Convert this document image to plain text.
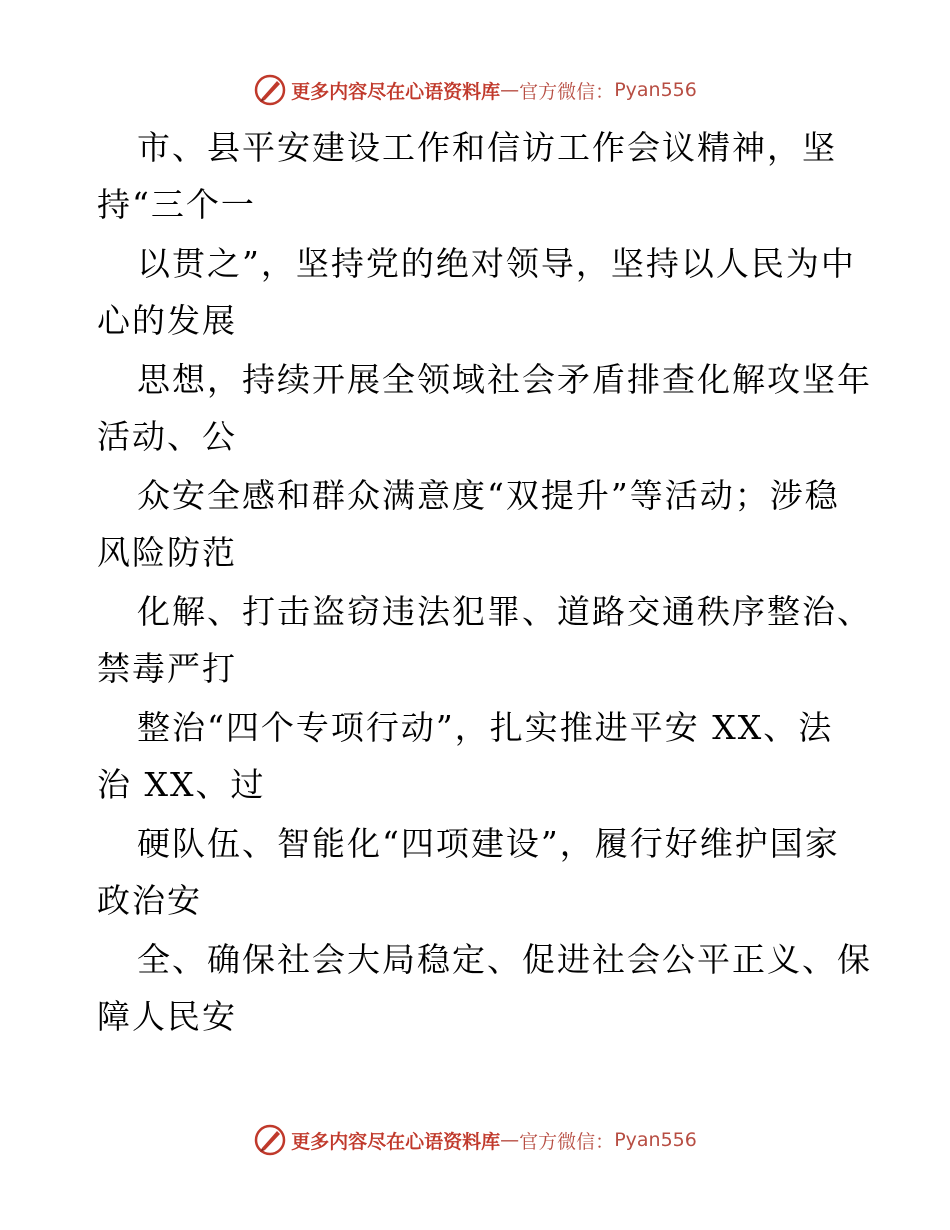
更多内容尽在心语资料库 — 官方微信： Pyan556
市、县平安建设工作和信访工作会议精神，坚
持“三个一
以贯之”，坚持党的绝对领导，坚持以人民为中
心的发展
思想，持续开展全领域社会矛盾排查化解攻坚年
活动、公
众安全感和群众满意度“双提升”等活动；涉稳
风险防范
化解、打击盗窃违法犯罪、道路交通秩序整治、
禁毒严打
整治“四个专项行动”，扎实推进平安 XX、法
治 XX、过
硬队伍、智能化“四项建设”，履行好维护国家
政治安
全、确保社会大局稳定、促进社会公平正义、保
障人民安
更多内容尽在心语资料库 — 官方微信： Pyan556
